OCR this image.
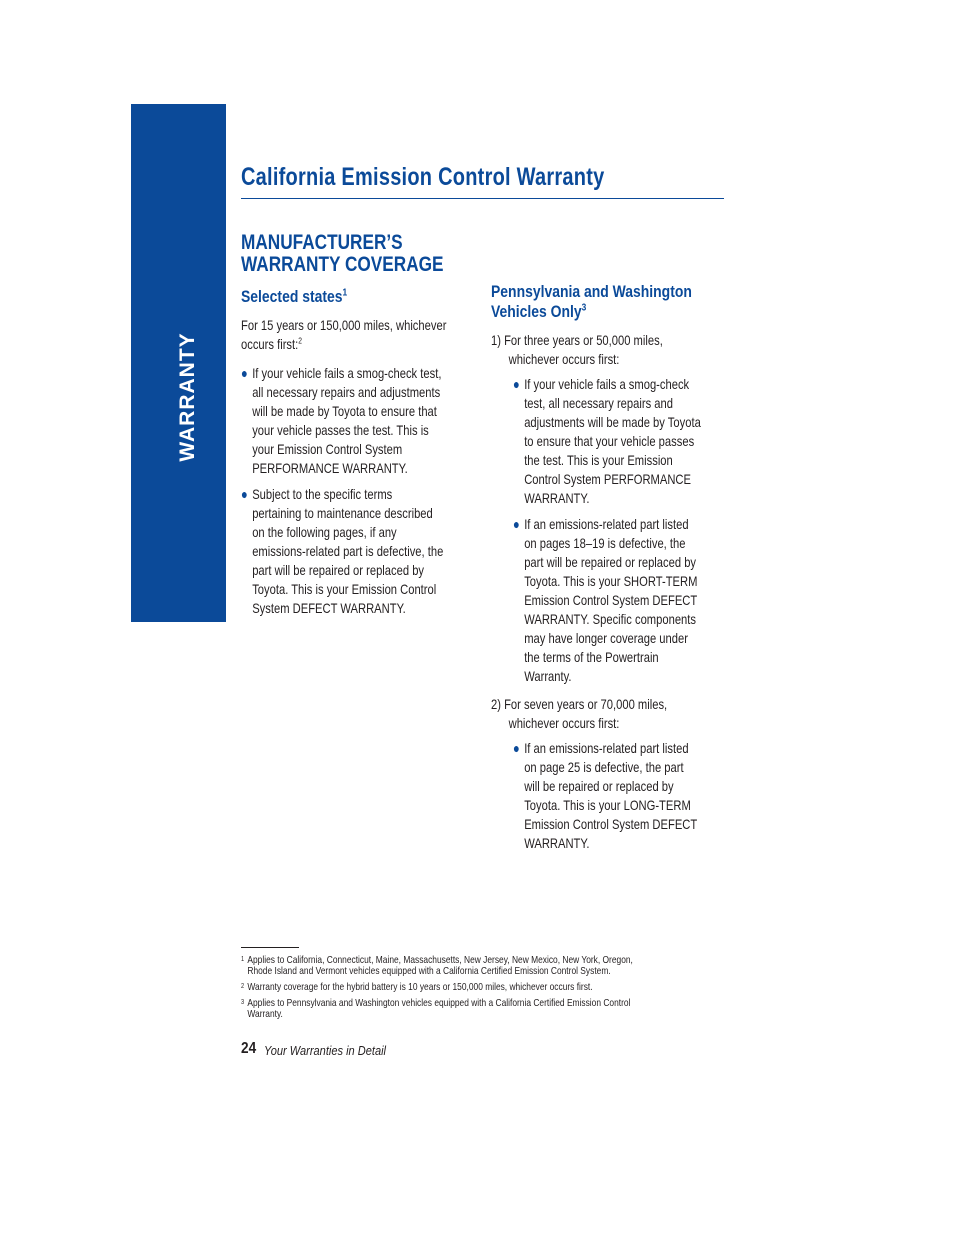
WARRANTY
California Emission Control Warranty
MANUFACTURER’S
WARRANTY COVERAGE
Selected states$^1$

For 15 years or 150,000 miles, whichever
occurs first:$^2$

● If your vehicle fails a smog-check test,
all necessary repairs and adjustments
will be made by Toyota to ensure that
your vehicle passes the test. This is
your Emission Control System
PERFORMANCE WARRANTY.
● Subject to the specific terms
pertaining to maintenance described
on the following pages, if any
emissions-related part is defective, the
part will be repaired or replaced by
Toyota. This is your Emission Control
System DEFECT WARRANTY.
Pennsylvania and Washington
Vehicles Only$^3$
1) For three years or 50,000 miles,
whichever occurs first:
● If your vehicle fails a smog-check
test, all necessary repairs and
adjustments will be made by Toyota
to ensure that your vehicle passes
the test. This is your Emission
Control System PERFORMANCE
WARRANTY.
● If an emissions-related part listed
on pages 18–19 is defective, the
part will be repaired or replaced by
Toyota. This is your SHORT-TERM
Emission Control System DEFECT
WARRANTY. Specific components
may have longer coverage under
the terms of the Powertrain
Warranty.
2) For seven years or 70,000 miles,
whichever occurs first:
● If an emissions-related part listed
on page 25 is defective, the part
will be repaired or replaced by
Toyota. This is your LONG-TERM
Emission Control System DEFECT
WARRANTY.
1 Applies to California, Connecticut, Maine, Massachusetts, New Jersey, New Mexico, New York, Oregon,
Rhode Island and Vermont vehicles equipped with a California Certified Emission Control System.
2 Warranty coverage for the hybrid battery is 10 years or 150,000 miles, whichever occurs first.
3 Applies to Pennsylvania and Washington vehicles equipped with a California Certified Emission Control
Warranty.
24 Your Warranties in Detail
